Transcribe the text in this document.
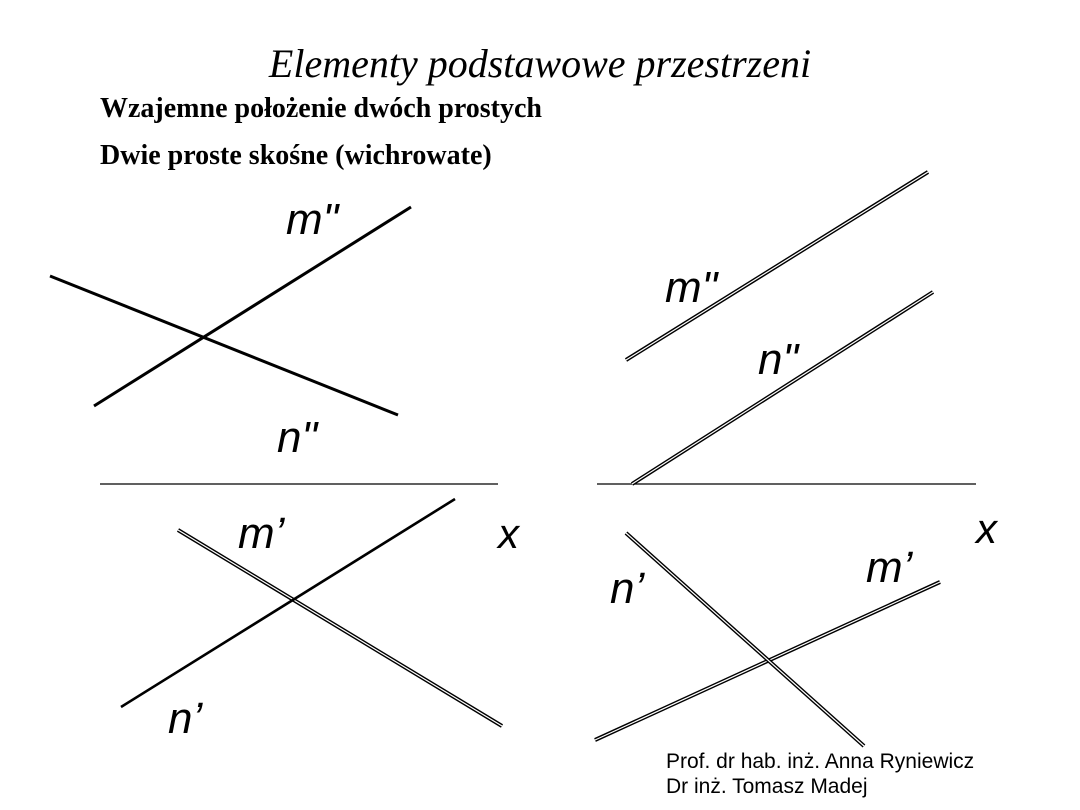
Elementy podstawowe przestrzeni
Wzajemne położenie dwóch prostych
Dwie proste skośne (wichrowate)
m"
n"
m’
n’
x
m"
n"
m’
n’
x
Prof. dr hab. inż. Anna Ryniewicz
Dr inż. Tomasz Madej
